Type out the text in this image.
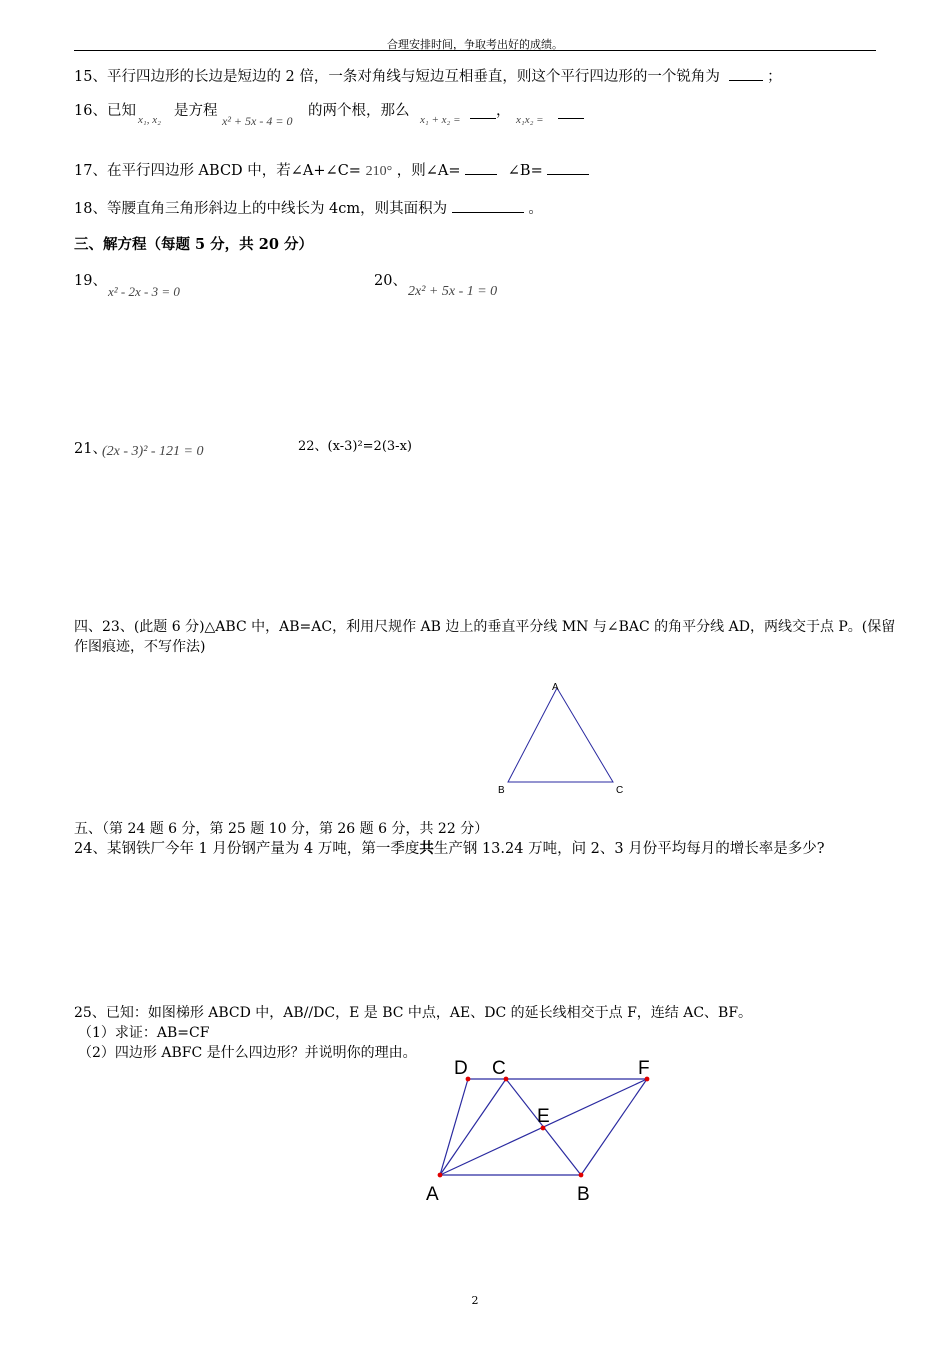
合理安排时间，争取考出好的成绩。
15、平行四边形的长边是短边的 2 倍，一条对角线与短边互相垂直，则这个平行四边形的一个锐角为	；
16、已知
x₁, x₂
是方程
x² + 5x - 4 = 0
的两个根，那么
x₁ + x₂ =
，
x₁x₂ =
17、在平行四边形 ABCD 中，若∠A+∠C= 210° ，则∠A=	∠B=
18、等腰直角三角形斜边上的中线长为 4cm，则其面积为	。
三、解方程（每题 5 分，共 20 分）
19、
x² - 2x - 3 = 0
20、
2x² + 5x - 1 = 0
21、
(2x - 3)² - 121 = 0	22、(x-3)²=2(3-x)
四、23、(此题 6 分)△ABC 中，AB=AC，利用尺规作 AB 边上的垂直平分线 MN 与∠BAC 的角平分线 AD，两线交于点 P。(保留
作图痕迹，不写作法)
A
B	C
五、（第 24 题 6 分，第 25 题 10 分，第 26 题 6 分，共 22 分）
24、某钢铁厂今年 1 月份钢产量为 4 万吨，第一季度共生产钢 13.24 万吨，问 2、3 月份平均每月的增长率是多少?
25、已知：如图梯形 ABCD 中，AB//DC，E 是 BC 中点，AE、DC 的延长线相交于点 F，连结 AC、BF。
（1）求证：AB=CF
（2）四边形 ABFC 是什么四边形？并说明你的理由。
D C	F
E
A	B
2
